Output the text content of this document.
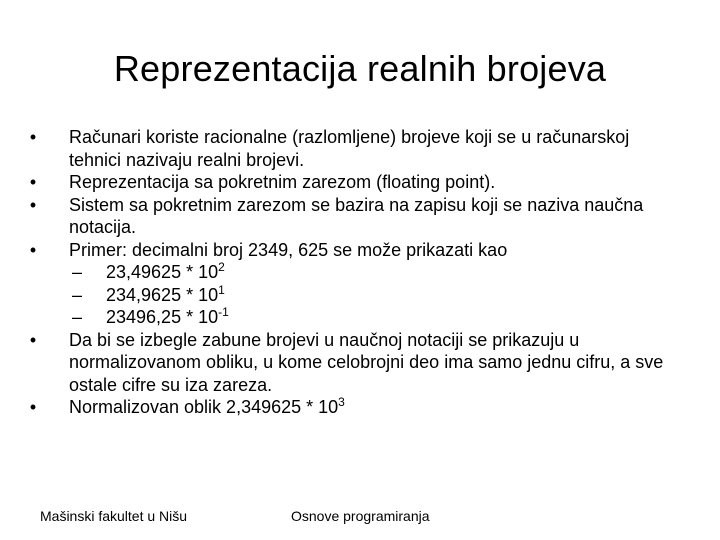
Reprezentacija realnih brojeva
• Računari koriste racionalne (razlomljene) brojeve koji se u računarskoj tehnici nazivaju realni brojevi.
• Reprezentacija sa pokretnim zarezom (floating point).
• Sistem sa pokretnim zarezom se bazira na zapisu koji se naziva naučna notacija.
• Primer: decimalni broj 2349, 625 se može prikazati kao
– $23,49625 * 10^2$
– $234,9625 * 10^1$
– $23496,25 * 10^{-1}$
• Da bi se izbegle zabune brojevi u naučnoj notaciji se prikazuju u normalizovanom obliku, u kome celobrojni deo ima samo jednu cifru, a sve ostale cifre su iza zareza.
• Normalizovan oblik $2,349625 * 10^3$
Mašinski fakultet u Nišu	Osnove programiranja
